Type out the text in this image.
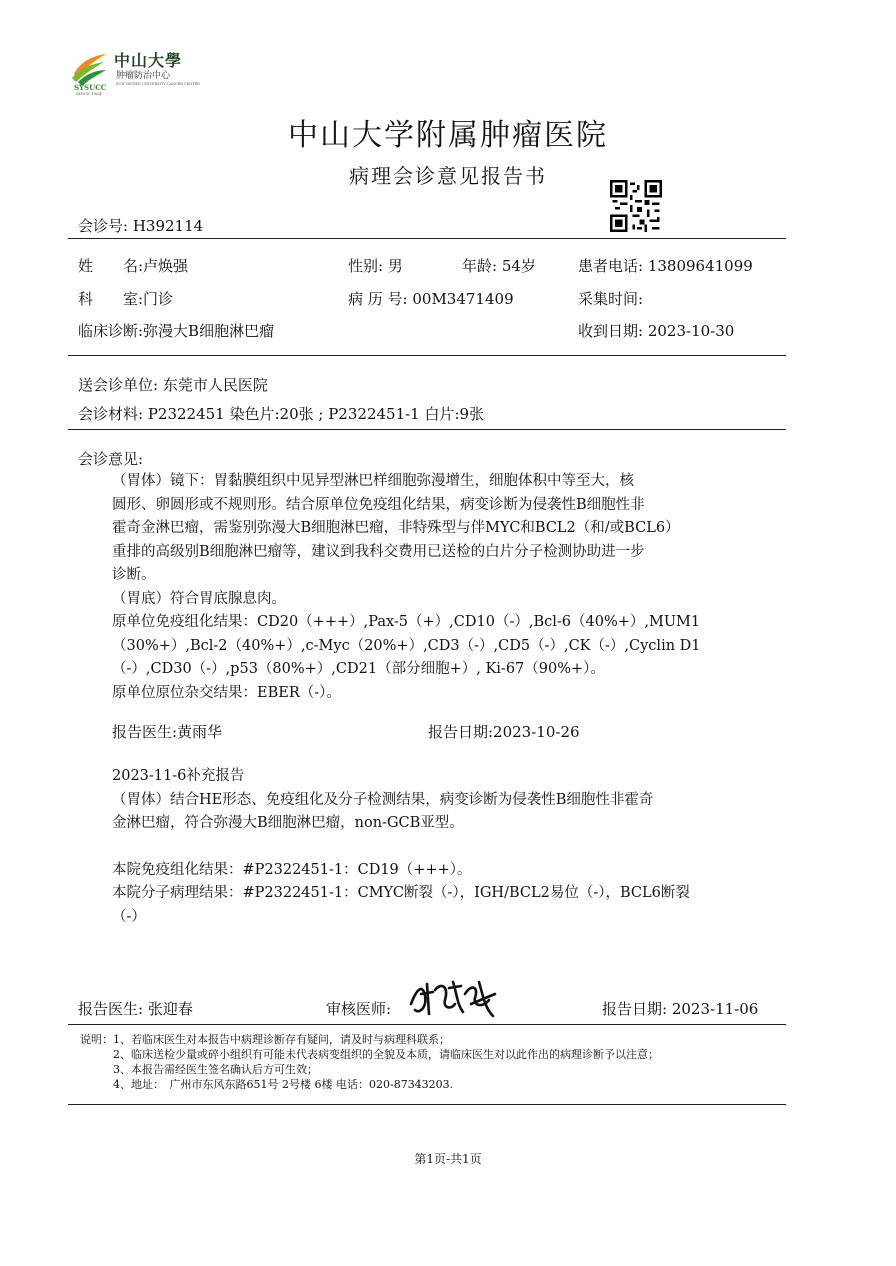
中山大學
肿瘤防治中心
SYSUCC
SINCE 1964
SUN YAT-SEN UNIVERSITY CANCER CENTER
中山大学附属肿瘤医院
病理会诊意见报告书
会诊号: H392114
姓　　名:卢焕强	性别: 男	年龄: 54岁	患者电话: 13809641099
科　　室:门诊	病 历 号: 00M3471409	采集时间:
临床诊断:弥漫大B细胞淋巴瘤	收到日期: 2023-10-30
送会诊单位: 东莞市人民医院
会诊材料: P2322451 染色片:20张 ; P2322451-1 白片:9张
会诊意见:
（胃体）镜下：胃黏膜组织中见异型淋巴样细胞弥漫增生，细胞体积中等至大，核
圆形、卵圆形或不规则形。结合原单位免疫组化结果，病变诊断为侵袭性B细胞性非
霍奇金淋巴瘤，需鉴别弥漫大B细胞淋巴瘤，非特殊型与伴MYC和BCL2（和/或BCL6）
重排的高级别B细胞淋巴瘤等，建议到我科交费用已送检的白片分子检测协助进一步
诊断。
（胃底）符合胃底腺息肉。
原单位免疫组化结果：CD20（+++）,Pax-5（+）,CD10（-）,Bcl-6（40%+）,MUM1
（30%+）,Bcl-2（40%+）,c-Myc（20%+）,CD3（-）,CD5（-）,CK（-）,Cyclin D1
（-）,CD30（-）,p53（80%+）,CD21（部分细胞+）, Ki-67（90%+）。
原单位原位杂交结果：EBER（-）。
报告医生:黄雨华	报告日期:2023-10-26
2023-11-6补充报告
（胃体）结合HE形态、免疫组化及分子检测结果，病变诊断为侵袭性B细胞性非霍奇
金淋巴瘤，符合弥漫大B细胞淋巴瘤，non-GCB亚型。
本院免疫组化结果：#P2322451-1：CD19（+++）。
本院分子病理结果：#P2322451-1：CMYC断裂（-），IGH/BCL2易位（-），BCL6断裂
（-）
报告医生: 张迎春	审核医师:	报告日期: 2023-11-06
说明：1、若临床医生对本报告中病理诊断存有疑问，请及时与病理科联系；
　　　2、临床送检少量或碎小组织有可能未代表病变组织的全貌及本质，请临床医生对以此作出的病理诊断予以注意；
　　　3、本报告需经医生签名确认后方可生效；
　　　4、地址：　广州市东风东路651号 2号楼 6楼 电话：020-87343203.
第1页-共1页
